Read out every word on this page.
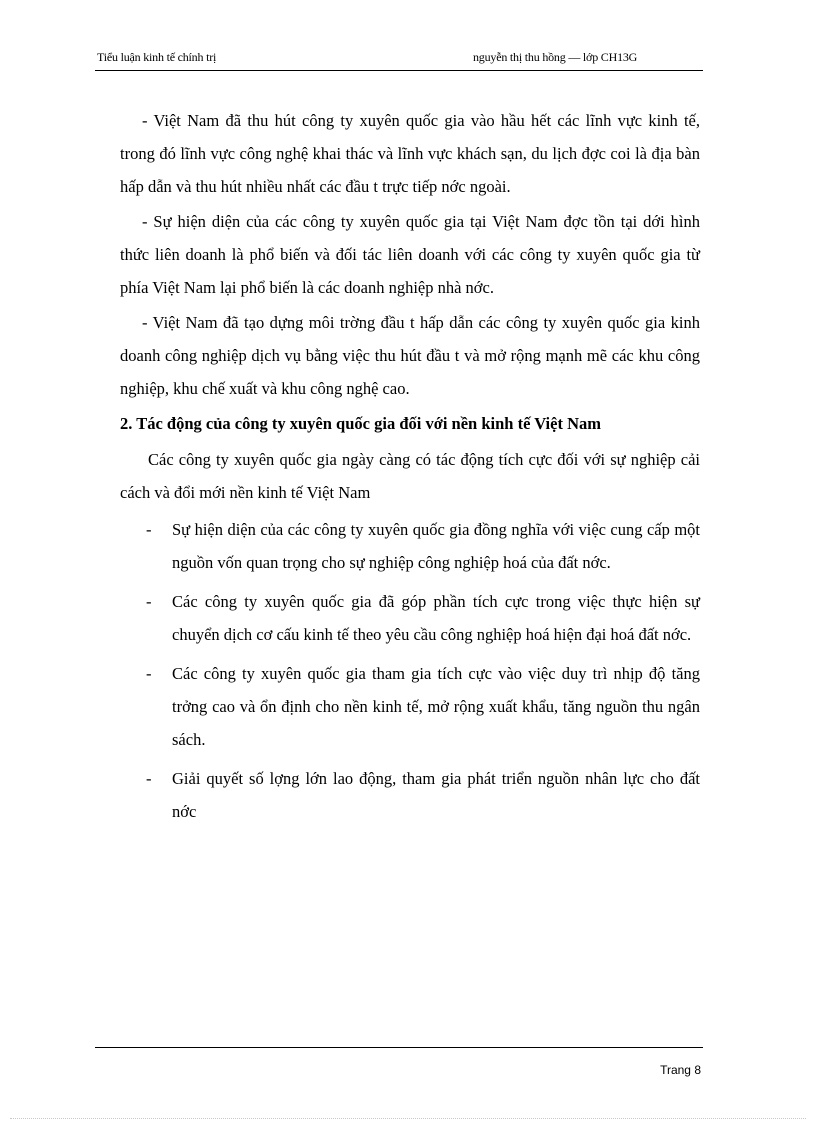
Tiểu luận kinh tế chính trị	nguyễn thị thu hồng — lớp CH13G

- Việt Nam đã thu hút công ty xuyên quốc gia vào hầu hết các lĩnh vực kinh tế, trong đó lĩnh vực công nghệ khai thác và lĩnh vực khách sạn, du lịch đợc coi là địa bàn hấp dẫn và thu hút nhiều nhất các đầu t trực tiếp nớc ngoài.

- Sự hiện diện của các công ty xuyên quốc gia tại Việt Nam đợc tồn tại dới hình thức liên doanh là phổ biến và đối tác liên doanh với các công ty xuyên quốc gia từ phía Việt Nam lại phổ biến là các doanh nghiệp nhà nớc.

- Việt Nam đã tạo dựng môi trờng đầu t hấp dẫn các công ty xuyên quốc gia kinh doanh công nghiệp dịch vụ bằng việc thu hút đầu t và mở rộng mạnh mẽ các khu công nghiệp, khu chế xuất và khu công nghệ cao.

2. Tác động của công ty xuyên quốc gia đối với nền kinh tế Việt Nam

Các công ty xuyên quốc gia ngày càng có tác động tích cực đối với sự nghiệp cải cách và đổi mới nền kinh tế Việt Nam

- Sự hiện diện của các công ty xuyên quốc gia đồng nghĩa với việc cung cấp một nguồn vốn quan trọng cho sự nghiệp công nghiệp hoá của đất nớc.
- Các công ty xuyên quốc gia đã góp phần tích cực trong việc thực hiện sự chuyển dịch cơ cấu kinh tế theo yêu cầu công nghiệp hoá hiện đại hoá đất nớc.
- Các công ty xuyên quốc gia tham gia tích cực vào việc duy trì nhịp độ tăng trởng cao và ổn định cho nền kinh tế, mở rộng xuất khẩu, tăng nguồn thu ngân sách.
- Giải quyết số lợng lớn lao động, tham gia phát triển nguồn nhân lực cho đất nớc
Trang 8
